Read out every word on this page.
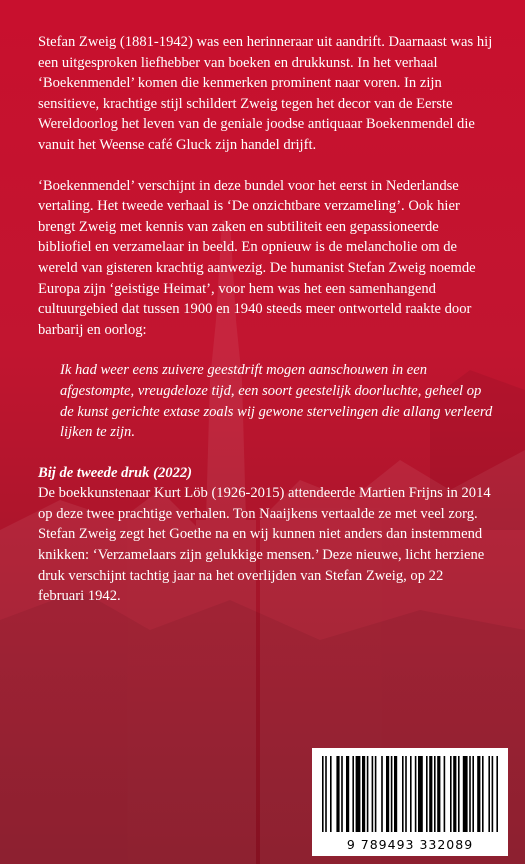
Stefan Zweig (1881-1942) was een herinneraar uit aandrift. Daarnaast was hij een uitgesproken liefhebber van boeken en drukkunst. In het verhaal ‘Boekenmendel’ komen die kenmerken prominent naar voren. In zijn sensitieve, krachtige stijl schildert Zweig tegen het decor van de Eerste Wereldoorlog het leven van de geniale joodse antiquaar Boekenmendel die vanuit het Weense café Gluck zijn handel drijft.

‘Boekenmendel’ verschijnt in deze bundel voor het eerst in Nederlandse vertaling. Het tweede verhaal is ‘De onzichtbare verzameling’. Ook hier brengt Zweig met kennis van zaken en subtiliteit een gepassioneerde bibliofiel en verzamelaar in beeld. En opnieuw is de melancholie om de wereld van gisteren krachtig aanwezig. De humanist Stefan Zweig noemde Europa zijn ‘geistige Heimat’, voor hem was het een samenhangend cultuurgebied dat tussen 1900 en 1940 steeds meer ontworteld raakte door barbarij en oorlog:

Ik had weer eens zuivere geestdrift mogen aanschouwen in een afgestompte, vreugdeloze tijd, een soort geestelijk doorluchte, geheel op de kunst gerichte extase zoals wij gewone stervelingen die allang verleerd lijken te zijn.

Bij de tweede druk (2022)

De boekkunstenaar Kurt Löb (1926-2015) attendeerde Martien Frijns in 2014 op deze twee prachtige verhalen. Ton Naaijkens vertaalde ze met veel zorg. Stefan Zweig zegt het Goethe na en wij kunnen niet anders dan instemmend knikken: ‘Verzamelaars zijn gelukkige mensen.’ Deze nieuwe, licht herziene druk verschijnt tachtig jaar na het overlijden van Stefan Zweig, op 22 februari 1942.

9 789493 332089
